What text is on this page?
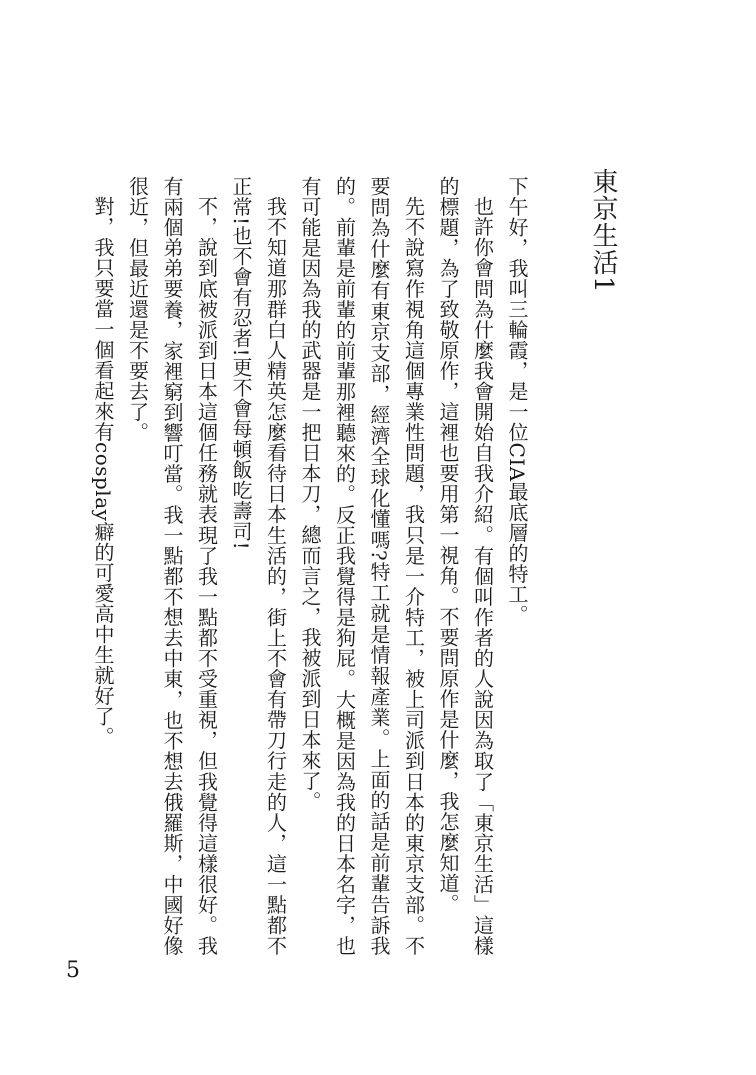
東京生活1

下午好，我叫三輪霞，是一位CIA最底層的特工。

也許你會問為什麼我會開始自我介紹。有個叫作者的人說因為取了「東京生活」這樣的標題，為了致敬原作，這裡也要用第一視角。不要問原作是什麼，我怎麼知道。

先不說寫作視角這個專業性問題，我只是一介特工，被上司派到日本的東京支部。不要問為什麼有東京支部，經濟全球化懂嗎?特工就是情報產業。上面的話是前輩告訴我的。前輩是前輩的前輩那裡聽來的。反正我覺得是狗屁。大概是因為我的日本名字，也有可能是因為我的武器是一把日本刀，總而言之，我被派到日本來了。

我不知道那群白人精英怎麼看待日本生活的，街上不會有帶刀行走的人，這一點都不正常!也不會有忍者!更不會每頓飯吃壽司!

不，說到底被派到日本這個任務就表現了我一點都不受重視，但我覺得這樣很好。我有兩個弟弟要養，家裡窮到響叮當。我一點都不想去中東，也不想去俄羅斯，中國好像很近，但最近還是不要去了。

對，我只要當一個看起來有cosplay癖的可愛高中生就好了。

5
